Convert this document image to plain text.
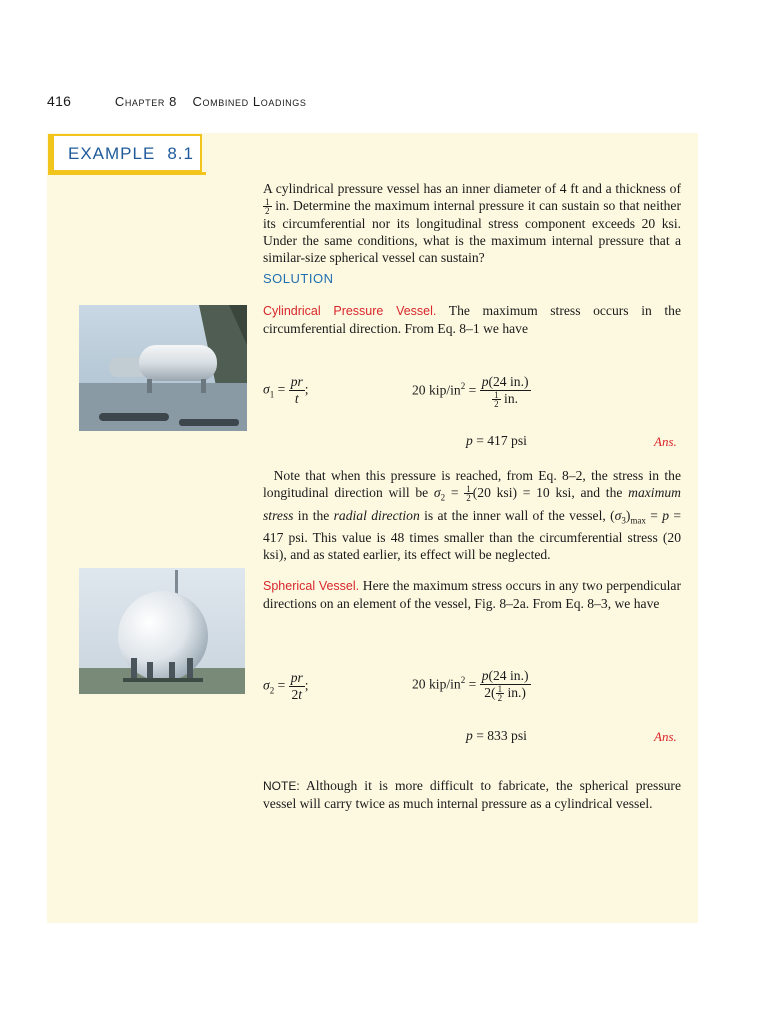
416	Chapter 8 Combined Loadings
EXAMPLE 8.1
A cylindrical pressure vessel has an inner diameter of 4 ft and a thickness of
$\frac{1}{2}$ in. Determine the maximum internal pressure it can sustain so that neither its circumferential nor its longitudinal stress component exceeds 20 ksi. Under the same conditions, what is the maximum internal pressure that a similar-size spherical vessel can sustain?
SOLUTION
Cylindrical Pressure Vessel. The maximum stress occurs in the circumferential direction. From Eq. 8–1 we have
$\sigma_1 = \frac{pr}{t}$ ;	20 kip/$in^2 = \frac{p(24 in.)}{\frac{1}{2} in.}$
p = 417 psi	Ans.
Note that when this pressure is reached, from Eq. 8–2, the stress in the longitudinal direction will be $\sigma_2 = \frac{1}{2} (20$ ksi) = 10 ksi, and the maximum stress in the radial direction is at the inner wall of the vessel, $(\sigma_3)_{max} = p = 417$ psi. This value is 48 times smaller than the circumferential stress (20 ksi), and as stated earlier, its effect will be neglected.
Spherical Vessel. Here the maximum stress occurs in any two perpendicular directions on an element of the vessel, Fig. 8–2a. From Eq. 8–3, we have
$\sigma_2 = \frac{pr}{2t}$ ;	20 kip/$in^2 = \frac{p(24 in.)}{2( \frac{1}{2} in.)}$
p = 833 psi	Ans.
NOTE: Although it is more difficult to fabricate, the spherical pressure vessel will carry twice as much internal pressure as a cylindrical vessel.
